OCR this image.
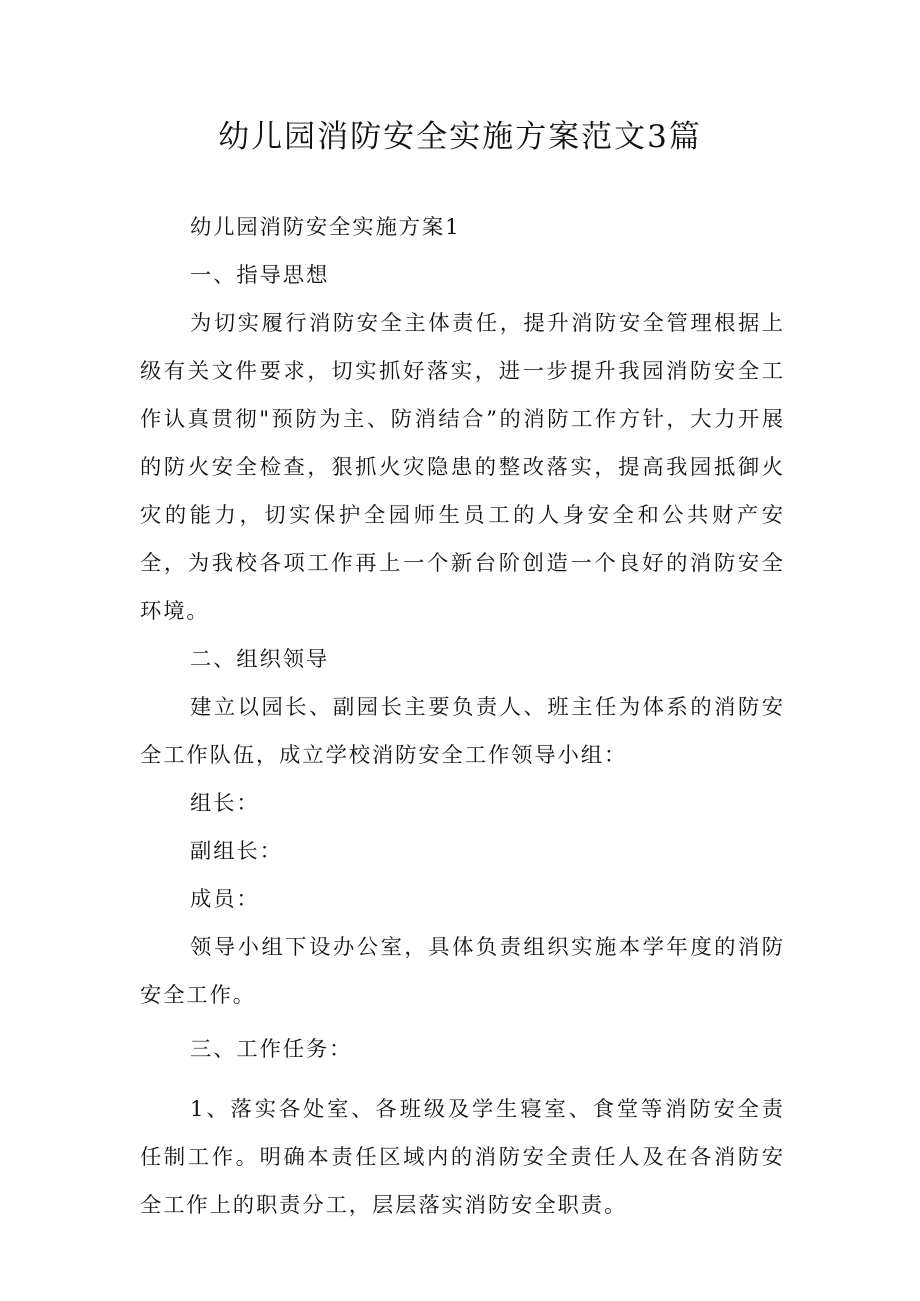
幼儿园消防安全实施方案范文3篇

幼儿园消防安全实施方案1

一、指导思想

为切实履行消防安全主体责任，提升消防安全管理根据上级有关文件要求，切实抓好落实，进一步提升我园消防安全工作认真贯彻"预防为主、防消结合”的消防工作方针，大力开展的防火安全检查，狠抓火灾隐患的整改落实，提高我园抵御火灾的能力，切实保护全园师生员工的人身安全和公共财产安全，为我校各项工作再上一个新台阶创造一个良好的消防安全环境。

二、组织领导

建立以园长、副园长主要负责人、班主任为体系的消防安全工作队伍，成立学校消防安全工作领导小组：

组长：

副组长：

成员：

领导小组下设办公室，具体负责组织实施本学年度的消防安全工作。

三、工作任务：

1、落实各处室、各班级及学生寝室、食堂等消防安全责任制工作。明确本责任区域内的消防安全责任人及在各消防安全工作上的职责分工，层层落实消防安全职责。
